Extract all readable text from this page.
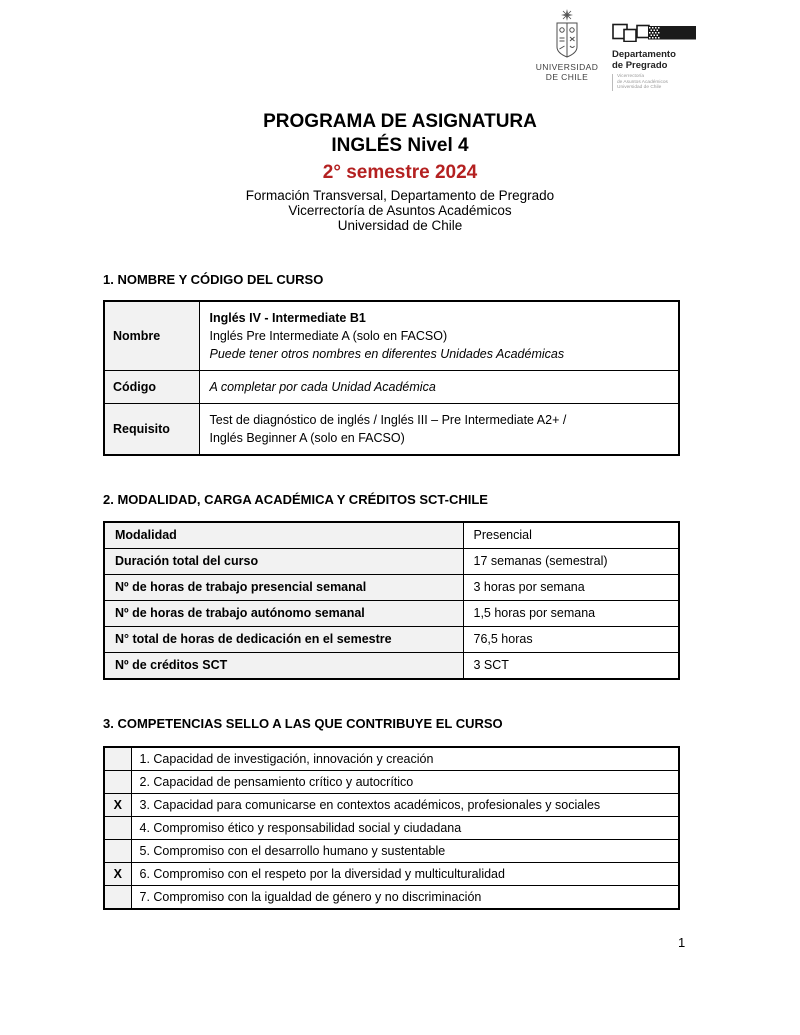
UNIVERSIDAD
DE CHILE
Departamento
de Pregrado
Vicerrectoría
de Asuntos Académicos
Universidad de Chile
PROGRAMA DE ASIGNATURA
INGLÉS Nivel 4
2° semestre 2024
Formación Transversal, Departamento de Pregrado
Vicerrectoría de Asuntos Académicos
Universidad de Chile
1. NOMBRE Y CÓDIGO DEL CURSO
Nombre	Inglés IV - Intermediate B1
Inglés Pre Intermediate A (solo en FACSO)
Puede tener otros nombres en diferentes Unidades Académicas

Código	A completar por cada Unidad Académica

Requisito	Test de diagnóstico de inglés / Inglés III – Pre Intermediate A2+ /
Inglés Beginner A (solo en FACSO)
2. MODALIDAD, CARGA ACADÉMICA Y CRÉDITOS SCT-CHILE
Modalidad	Presencial
Duración total del curso	17 semanas (semestral)
Nº de horas de trabajo presencial semanal	3 horas por semana
Nº de horas de trabajo autónomo semanal	1,5 horas por semana
N° total de horas de dedicación en el semestre	76,5 horas
Nº de créditos SCT	3 SCT
3. COMPETENCIAS SELLO A LAS QUE CONTRIBUYE EL CURSO
	1. Capacidad de investigación, innovación y creación
	2. Capacidad de pensamiento crítico y autocrítico
X	3. Capacidad para comunicarse en contextos académicos, profesionales y sociales
	4. Compromiso ético y responsabilidad social y ciudadana
	5. Compromiso con el desarrollo humano y sustentable
X	6. Compromiso con el respeto por la diversidad y multiculturalidad
	7. Compromiso con la igualdad de género y no discriminación
1
